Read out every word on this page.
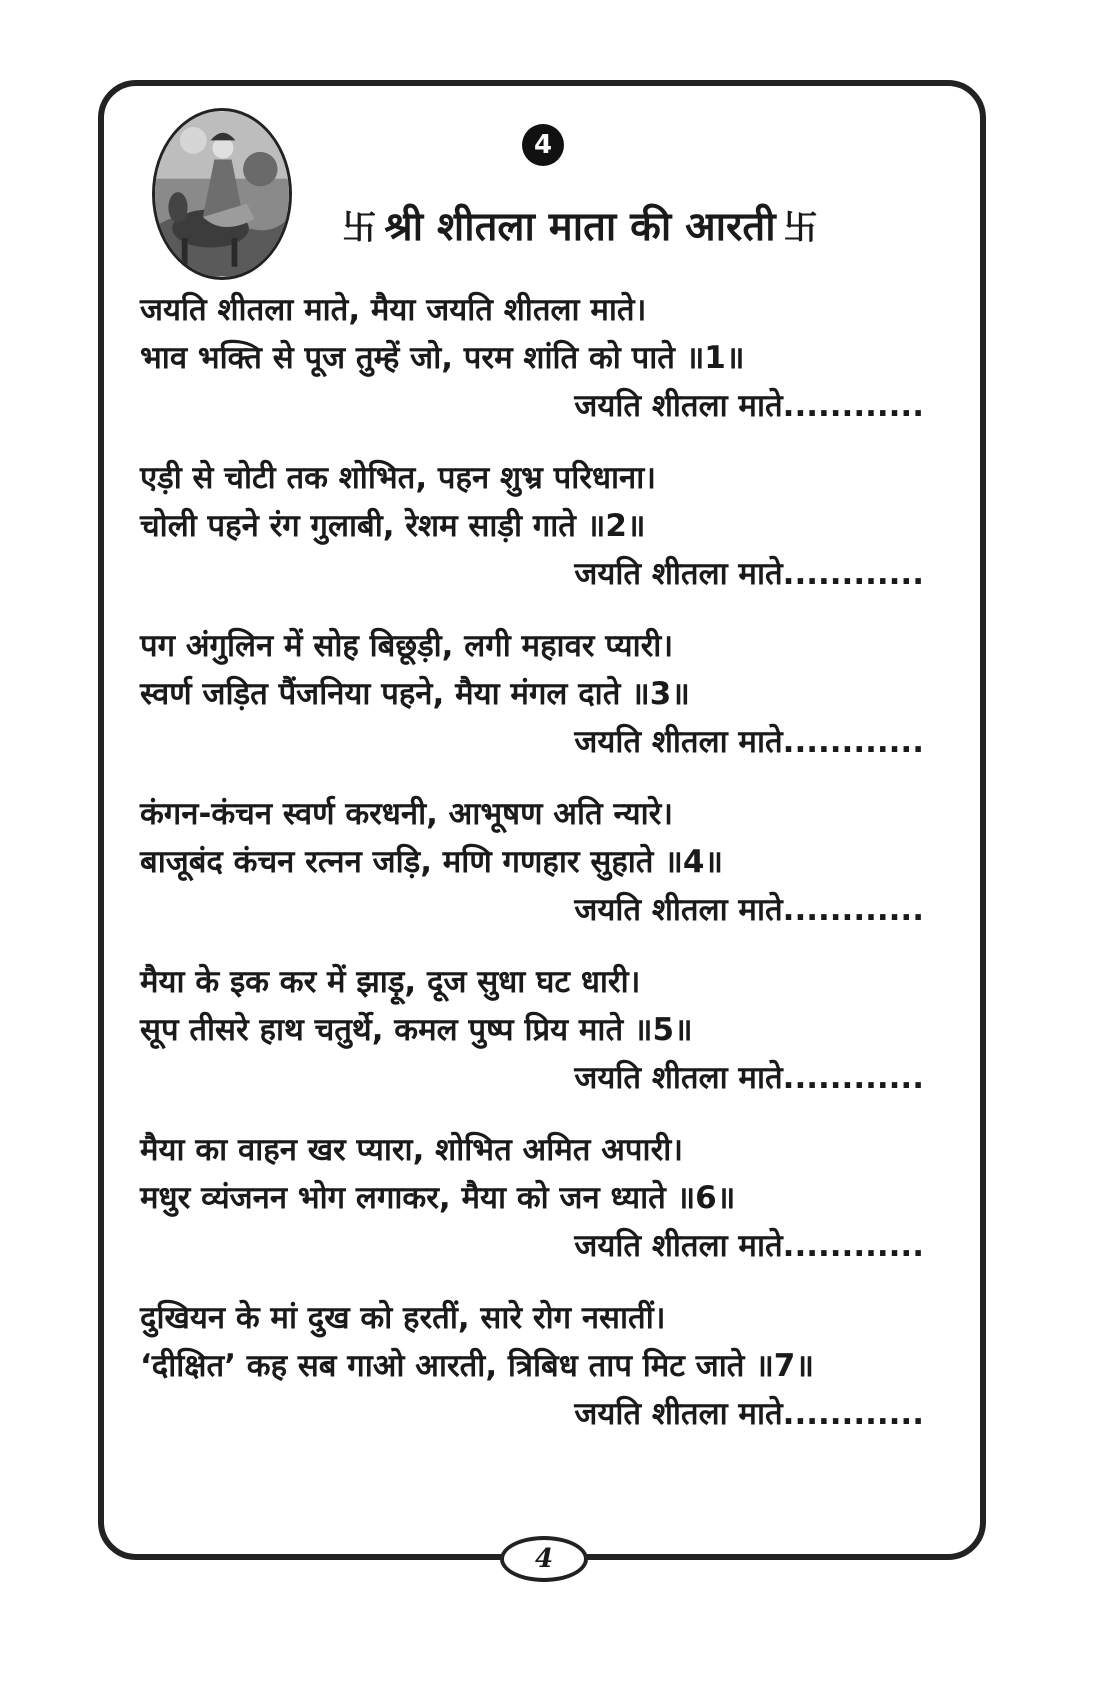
4
卐 श्री शीतला माता की आरती 卐
जयति शीतला माते, मैया जयति शीतला माते।
भाव भक्ति से पूज तुम्हें जो, परम शांति को पाते ॥1॥
जयति शीतला माते............
एड़ी से चोटी तक शोभित, पहन शुभ्र परिधाना।
चोली पहने रंग गुलाबी, रेशम साड़ी गाते ॥2॥
जयति शीतला माते............
पग अंगुलिन में सोह बिछूड़ी, लगी महावर प्यारी।
स्वर्ण जड़ित पैंजनिया पहने, मैया मंगल दाते ॥3॥
जयति शीतला माते............
कंगन-कंचन स्वर्ण करधनी, आभूषण अति न्यारे।
बाजूबंद कंचन रत्नन जड़ि, मणि गणहार सुहाते ॥4॥
जयति शीतला माते............
मैया के इक कर में झाड़ू, दूज सुधा घट धारी।
सूप तीसरे हाथ चतुर्थे, कमल पुष्प प्रिय माते ॥5॥
जयति शीतला माते............
मैया का वाहन खर प्यारा, शोभित अमित अपारी।
मधुर व्यंजनन भोग लगाकर, मैया को जन ध्याते ॥6॥
जयति शीतला माते............
दुखियन के मां दुख को हरतीं, सारे रोग नसातीं।
‘दीक्षित’ कह सब गाओ आरती, त्रिबिध ताप मिट जाते ॥7॥
जयति शीतला माते............
4
